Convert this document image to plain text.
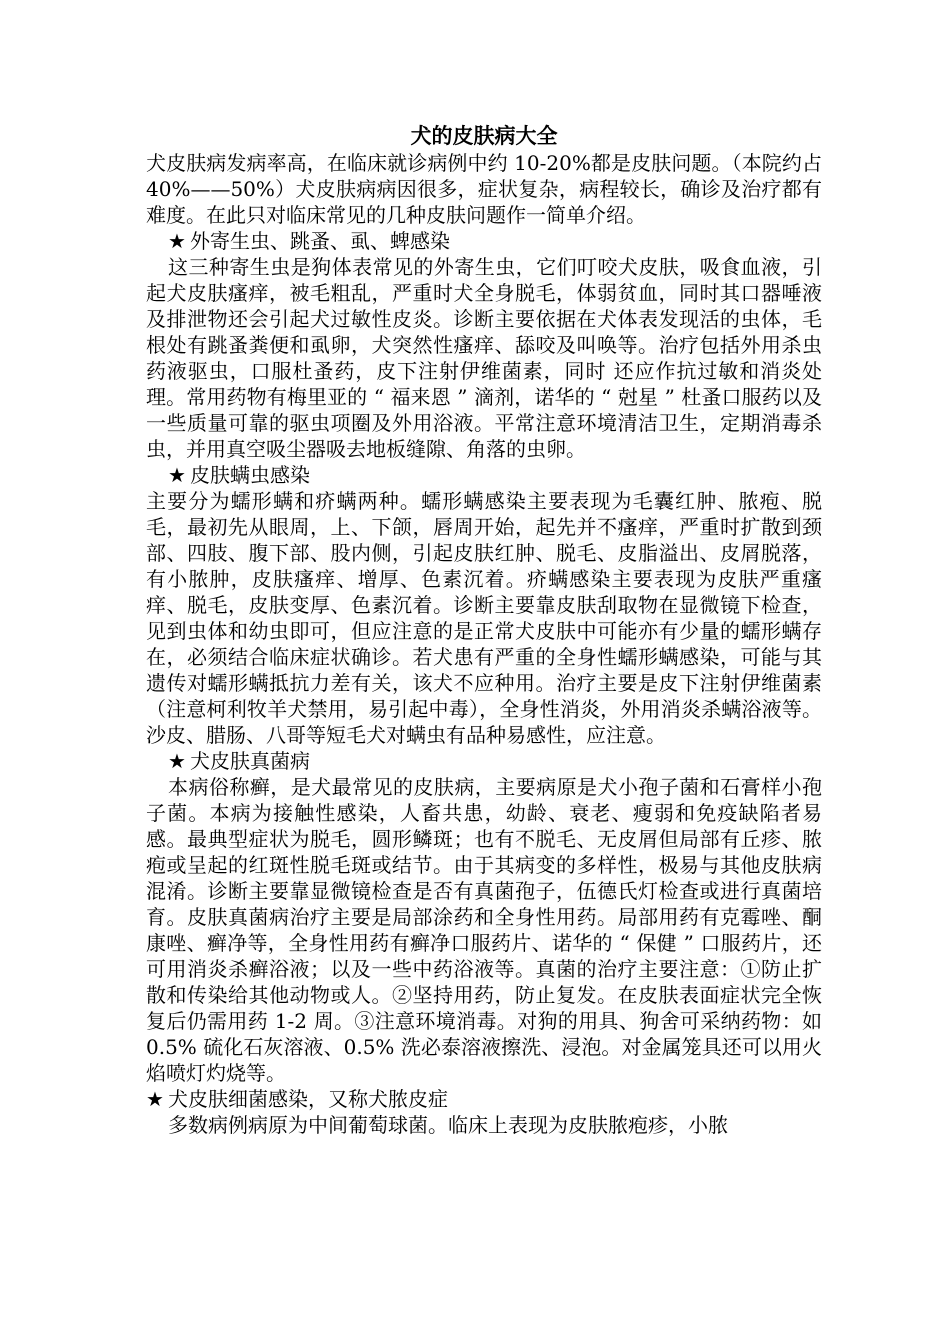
犬的皮肤病大全

犬皮肤病发病率高，在临床就诊病例中约 10-20%都是皮肤问题。（本院约占 40%——50%）犬皮肤病病因很多，症状复杂，病程较长，确诊及治疗都有难度。在此只对临床常见的几种皮肤问题作一简单介绍。

★ 外寄生虫、跳蚤、虱、蜱感染

这三种寄生虫是狗体表常见的外寄生虫，它们叮咬犬皮肤，吸食血液，引起犬皮肤瘙痒，被毛粗乱，严重时犬全身脱毛，体弱贫血，同时其口器唾液及排泄物还会引起犬过敏性皮炎。诊断主要依据在犬体表发现活的虫体，毛根处有跳蚤粪便和虱卵，犬突然性瘙痒、舔咬及叫唤等。治疗包括外用杀虫药液驱虫，口服杜蚤药，皮下注射伊维菌素，同时 还应作抗过敏和消炎处理。常用药物有梅里亚的 “ 福来恩 ” 滴剂，诺华的 “ 尅星 ” 杜蚤口服药以及一些质量可靠的驱虫项圈及外用浴液。平常注意环境清洁卫生，定期消毒杀虫，并用真空吸尘器吸去地板缝隙、角落的虫卵。

★ 皮肤螨虫感染

主要分为蠕形螨和疥螨两种。蠕形螨感染主要表现为毛囊红肿、脓疱、脱毛，最初先从眼周，上、下颌，唇周开始，起先并不瘙痒，严重时扩散到颈部、四肢、腹下部、股内侧，引起皮肤红肿、脱毛、皮脂溢出、皮屑脱落，有小脓肿，皮肤瘙痒、增厚、色素沉着。疥螨感染主要表现为皮肤严重瘙痒、脱毛，皮肤变厚、色素沉着。诊断主要靠皮肤刮取物在显微镜下检查，见到虫体和幼虫即可，但应注意的是正常犬皮肤中可能亦有少量的蠕形螨存在，必须结合临床症状确诊。若犬患有严重的全身性蠕形螨感染，可能与其遗传对蠕形螨抵抗力差有关，该犬不应种用。治疗主要是皮下注射伊维菌素（注意柯利牧羊犬禁用，易引起中毒），全身性消炎，外用消炎杀螨浴液等。沙皮、腊肠、八哥等短毛犬对螨虫有品种易感性，应注意。

★ 犬皮肤真菌病

本病俗称癣，是犬最常见的皮肤病，主要病原是犬小孢子菌和石膏样小孢子菌。本病为接触性感染，人畜共患，幼龄、衰老、瘦弱和免疫缺陷者易感。最典型症状为脱毛，圆形鳞斑；也有不脱毛、无皮屑但局部有丘疹、脓疱或呈起的红斑性脱毛斑或结节。由于其病变的多样性，极易与其他皮肤病混淆。诊断主要靠显微镜检查是否有真菌孢子，伍德氏灯检查或进行真菌培育。皮肤真菌病治疗主要是局部涂药和全身性用药。局部用药有克霉唑、酮康唑、癣净等，全身性用药有癣净口服药片、诺华的 “ 保健 ” 口服药片，还可用消炎杀癣浴液；以及一些中药浴液等。真菌的治疗主要注意：①防止扩散和传染给其他动物或人。②坚持用药，防止复发。在皮肤表面症状完全恢复后仍需用药 1-2 周。③注意环境消毒。对狗的用具、狗舍可采纳药物：如 0.5% 硫化石灰溶液、0.5% 洗必泰溶液擦洗、浸泡。对金属笼具还可以用火焰喷灯灼烧等。

★ 犬皮肤细菌感染，又称犬脓皮症

多数病例病原为中间葡萄球菌。临床上表现为皮肤脓疱疹，小脓
